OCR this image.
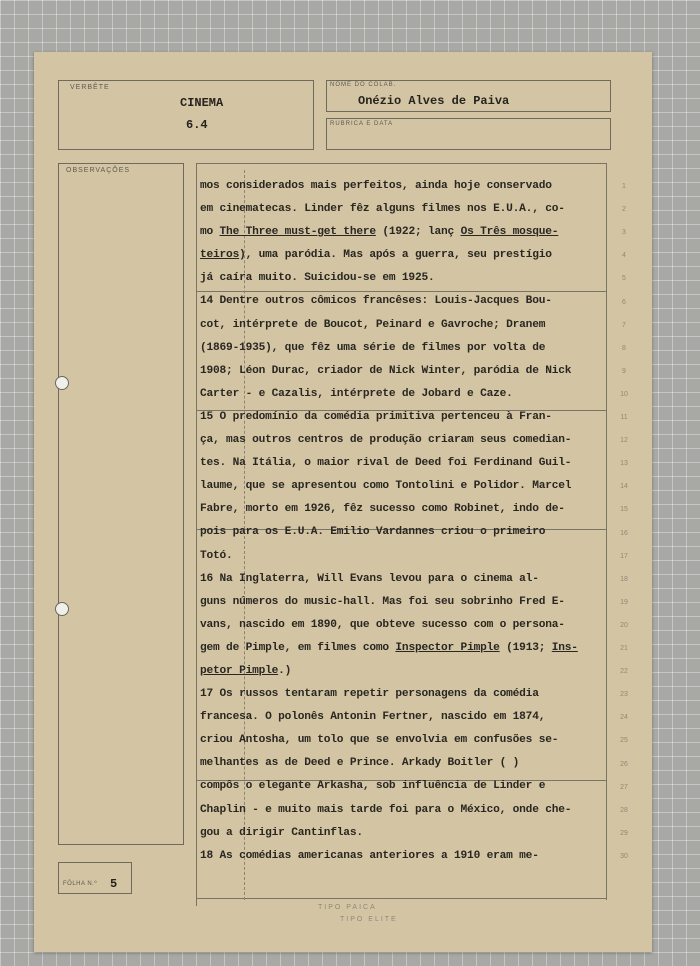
VERBÊTE
CINEMA
6.4
NOME DO COLAB.
Onézio Alves de Paiva
RUBRICA E DATA
OBSERVAÇÕES
FÔLHA N.º 5
mos considerados mais perfeitos, ainda hoje conservado
em cinematecas. Linder fêz alguns filmes nos E.U.A., co-
mo The Three must-get there (1922; lanç Os Três mosque-
teiros), uma paródia. Mas após a guerra, seu prestígio
já caíra muito. Suicidou-se em 1925.
14 Dentre outros cômicos francêses: Louis-Jacques Bou-
cot, intérprete de Boucot, Peinard e Gavroche; Dranem
(1869-1935), que fêz uma série de filmes por volta de
1908; Léon Durac, criador de Nick Winter, paródia de Nick
Carter - e Cazalis, intérprete de Jobard e Caze.
15 O predomínio da comédia primitiva pertenceu à Fran-
ça, mas outros centros de produção criaram seus comedian-
tes. Na Itália, o maior rival de Deed foi Ferdinand Guil-
laume, que se apresentou como Tontolini e Polidor. Marcel
Fabre, morto em 1926, fêz sucesso como Robinet, indo de-
pois para os E.U.A. Emilio Vardannes criou o primeiro
Totó.
16 Na Inglaterra, Will Evans levou para o cinema al-
guns números do music-hall. Mas foi seu sobrinho Fred E-
vans, nascido em 1890, que obteve sucesso com o persona-
gem de Pimple, em filmes como Inspector Pimple (1913; Ins-
petor Pimple.)
17 Os russos tentaram repetir personagens da comédia
francesa. O polonês Antonin Fertner, nascido em 1874,
criou Antosha, um tolo que se envolvia em confusões se-
melhantes as de Deed e Prince. Arkady Boitler ( )
compôs o elegante Arkasha, sob influência de Linder e
Chaplin - e muito mais tarde foi para o México, onde che-
gou a dirigir Cantinflas.
18 As comédias americanas anteriores a 1910 eram me-
1
2
3
4
5
6
7
8
9
10
11
12
13
14
15
16
17
18
19
20
21
22
23
24
25
26
27
28
29
30
TIPO PAICA
TIPO ELITE
